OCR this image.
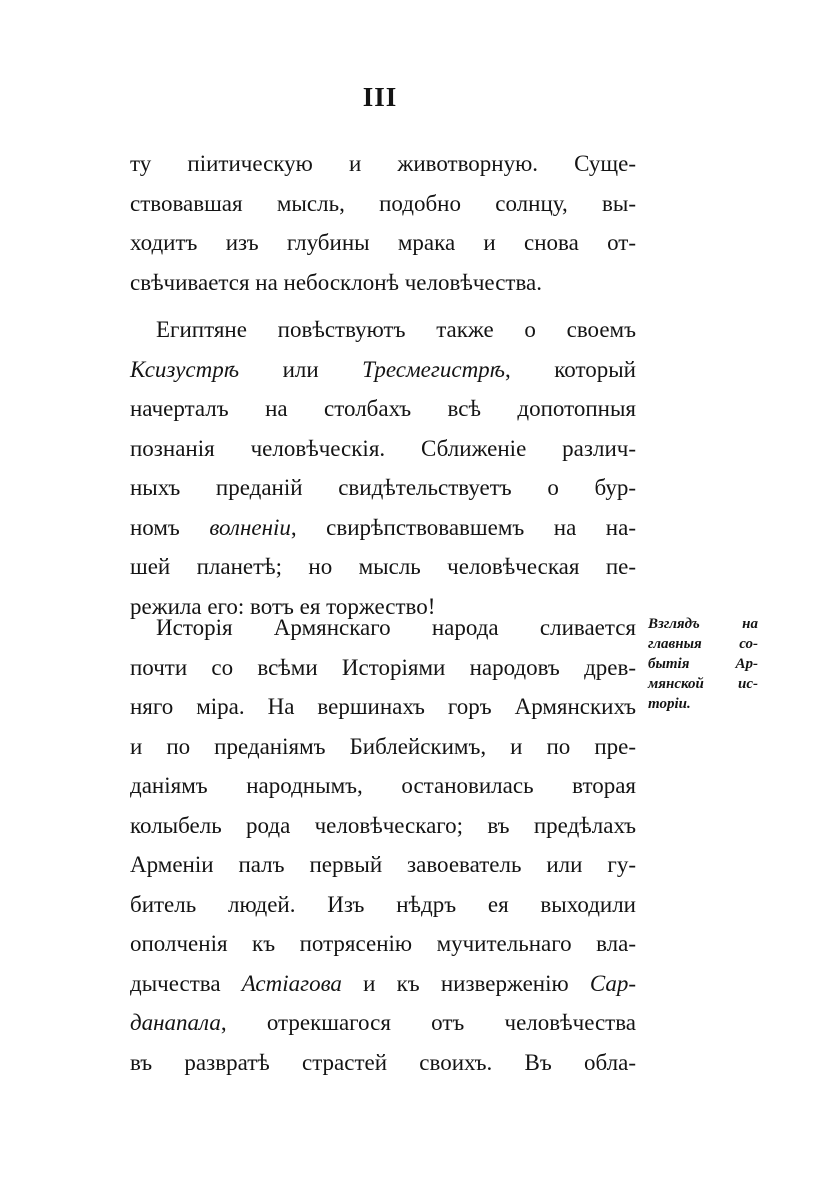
III
ту пiитическую и животворную. Суще-
ствовавшая мысль, подобно солнцу, вы-
ходитъ изъ глубины мрака и снова от-
свѣчивается на небосклонѣ человѣчества.
Египтяне повѣствуютъ также о своемъ
Ксизустрѣ или Тресмегистрѣ, который
начерталъ на столбахъ всѣ допотопныя
познанiя человѣческiя. Сближенiе различ-
ныхъ преданiй свидѣтельствуетъ о бур-
номъ волненiи, свирѣпствовавшемъ на на-
шей планетѣ; но мысль человѣческая пе-
режила его: вотъ ея торжество!
Исторiя Армянскаго народа сливается
почти со всѣми Исторiями народовъ древ-
няго мiра. На вершинахъ горъ Армянскихъ
и по преданiямъ Библейскимъ, и по пре-
данiямъ народнымъ, остановилась вторая
колыбель рода человѣческаго; въ предѣлахъ
Арменiи палъ первый завоеватель или гу-
битель людей. Изъ нѣдръ ея выходили
ополченiя къ потрясенiю мучительнаго вла-
дычества Астiагова и къ низверженiю Сар-
данапала, отрекшагося отъ человѣчества
въ развратѣ страстей своихъ. Въ обла-
Взглядъ на
главныя со-
бытiя Ар-
мянской ис-
торiи.
